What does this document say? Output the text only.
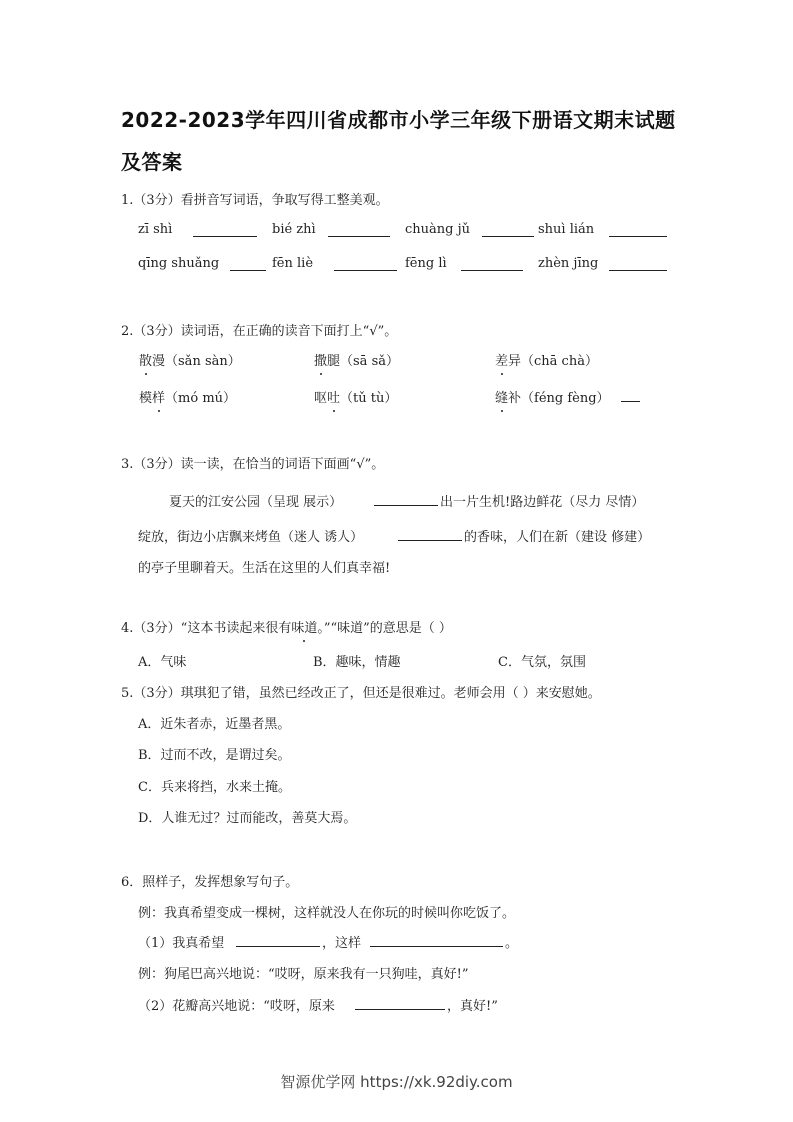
2022-2023学年四川省成都市小学三年级下册语文期末试题
及答案
1.（3分）看拼音写词语，争取写得工整美观。
zī shì	bié zhì	chuàng jǔ	shuì lián
qīng shuǎng	fēn liè	fēng lì	zhèn jīng
2.（3分）读词语，在正确的读音下面打上“√”。
散漫（sǎn sàn）	撒腿（sā sǎ）	差异（chā chà）
模样（mó mú）	呕吐（tǔ tù）	缝补（féng fèng）
3.（3分）读一读，在恰当的词语下面画“√”。
夏天的江安公园（呈现 展示）	出一片生机!路边鲜花（尽力 尽情）
绽放，街边小店飘来烤鱼（迷人 诱人）	的香味，人们在新（建设 修建）
的亭子里聊着天。生活在这里的人们真幸福!
4.（3分）“这本书读起来很有味道。”“味道”的意思是（ ）
A．气味	B．趣味，情趣	C．气氛，氛围
5.（3分）琪琪犯了错，虽然已经改正了，但还是很难过。老师会用（ ）来安慰她。
A．近朱者赤，近墨者黑。
B．过而不改，是谓过矣。
C．兵来将挡，水来土掩。
D．人谁无过？过而能改，善莫大焉。
6．照样子，发挥想象写句子。
例：我真希望变成一棵树，这样就没人在你玩的时候叫你吃饭了。
（1）我真希望	，这样	。
例：狗尾巴高兴地说：“哎呀，原来我有一只狗哇，真好!”
（2）花瓣高兴地说：“哎呀，原来	，真好!”
智源优学网 https://xk.92diy.com
